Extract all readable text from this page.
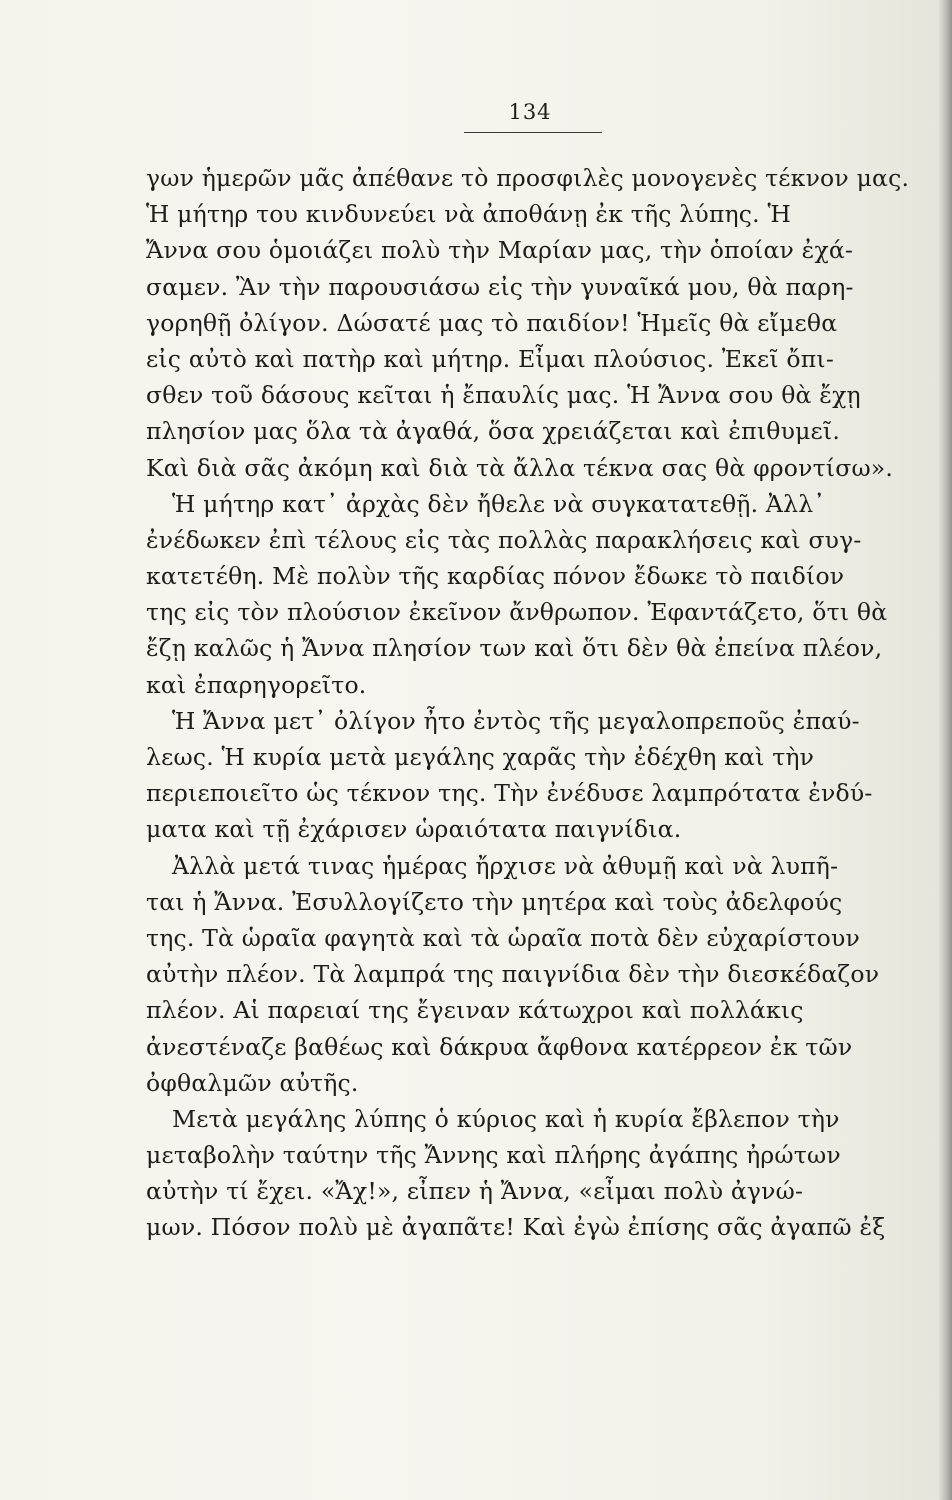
134
γων ἡμερῶν μᾶς ἀπέθανε τὸ προσφιλὲς μονογενὲς τέκνον μας.
Ἡ μήτηρ του κινδυνεύει νὰ ἀποθάνῃ ἐκ τῆς λύπης. Ἡ
Ἄννα σου ὁμοιάζει πολὺ τὴν Μαρίαν μας, τὴν ὁποίαν ἐχά-
σαμεν. Ἂν τὴν παρουσιάσω εἰς τὴν γυναῖκά μου, θὰ παρη-
γορηθῇ ὀλίγον. Δώσατέ μας τὸ παιδίον! Ἡμεῖς θὰ εἴμεθα
εἰς αὐτὸ καὶ πατὴρ καὶ μήτηρ. Εἶμαι πλούσιος. Ἐκεῖ ὄπι-
σθεν τοῦ δάσους κεῖται ἡ ἔπαυλίς μας. Ἡ Ἄννα σου θὰ ἔχῃ
πλησίον μας ὅλα τὰ ἀγαθά, ὅσα χρειάζεται καὶ ἐπιθυμεῖ.
Καὶ διὰ σᾶς ἀκόμη καὶ διὰ τὰ ἄλλα τέκνα σας θὰ φροντίσω».
Ἡ μήτηρ κατ᾽ ἀρχὰς δὲν ἤθελε νὰ συγκατατεθῇ. Ἀλλ᾽
ἐνέδωκεν ἐπὶ τέλους εἰς τὰς πολλὰς παρακλήσεις καὶ συγ-
κατετέθη. Μὲ πολὺν τῆς καρδίας πόνον ἔδωκε τὸ παιδίον
της εἰς τὸν πλούσιον ἐκεῖνον ἄνθρωπον. Ἐφαντάζετο, ὅτι θὰ
ἔζῃ καλῶς ἡ Ἄννα πλησίον των καὶ ὅτι δὲν θὰ ἐπείνα πλέον,
καὶ ἐπαρηγορεῖτο.
Ἡ Ἄννα μετ᾽ ὀλίγον ἦτο ἐντὸς τῆς μεγαλοπρεποῦς ἐπαύ-
λεως. Ἡ κυρία μετὰ μεγάλης χαρᾶς τὴν ἐδέχθη καὶ τὴν
περιεποιεῖτο ὡς τέκνον της. Τὴν ἐνέδυσε λαμπρότατα ἐνδύ-
ματα καὶ τῇ ἐχάρισεν ὡραιότατα παιγνίδια.
Ἀλλὰ μετά τινας ἡμέρας ἤρχισε νὰ ἀθυμῇ καὶ νὰ λυπῆ-
ται ἡ Ἄννα. Ἐσυλλογίζετο τὴν μητέρα καὶ τοὺς ἀδελφούς
της. Τὰ ὡραῖα φαγητὰ καὶ τὰ ὡραῖα ποτὰ δὲν εὐχαρίστουν
αὐτὴν πλέον. Τὰ λαμπρά της παιγνίδια δὲν τὴν διεσκέδαζον
πλέον. Αἱ παρειαί της ἔγειναν κάτωχροι καὶ πολλάκις
ἀνεστέναζε βαθέως καὶ δάκρυα ἄφθονα κατέρρεον ἐκ τῶν
ὀφθαλμῶν αὐτῆς.
Μετὰ μεγάλης λύπης ὁ κύριος καὶ ἡ κυρία ἔβλεπον τὴν
μεταβολὴν ταύτην τῆς Ἄννης καὶ πλήρης ἀγάπης ἠρώτων
αὐτὴν τί ἔχει. «Ἄχ!», εἶπεν ἡ Ἄννα, «εἶμαι πολὺ ἀγνώ-
μων. Πόσον πολὺ μὲ ἀγαπᾶτε! Καὶ ἐγὼ ἐπίσης σᾶς ἀγαπῶ ἐξ
